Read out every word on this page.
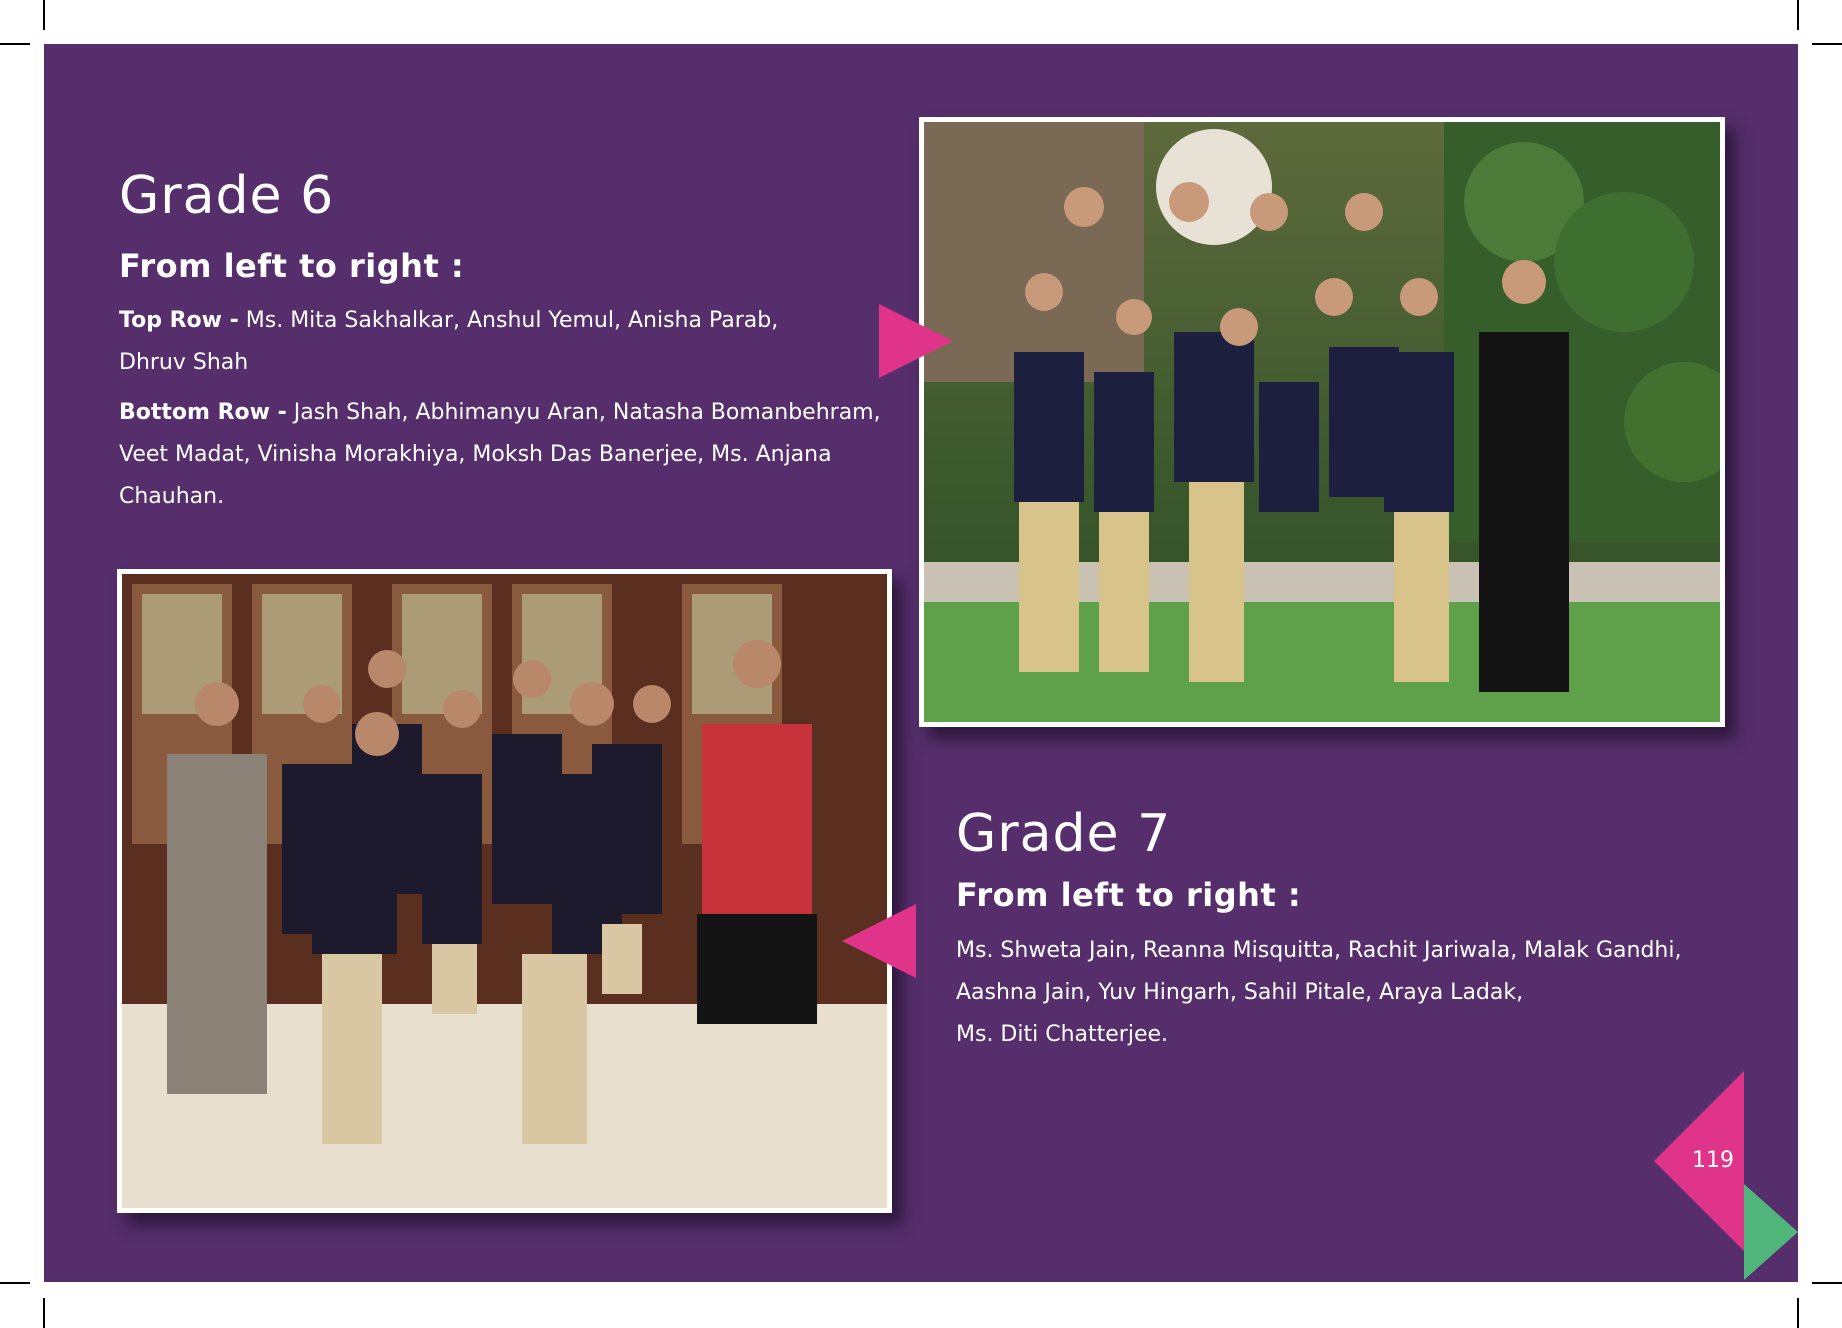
Grade 6
From left to right :
Top Row - Ms. Mita Sakhalkar, Anshul Yemul, Anisha Parab,
Dhruv Shah
Bottom Row - Jash Shah, Abhimanyu Aran, Natasha Bomanbehram,
Veet Madat, Vinisha Morakhiya, Moksh Das Banerjee, Ms. Anjana
Chauhan.
Grade 7
From left to right :
Ms. Shweta Jain, Reanna Misquitta, Rachit Jariwala, Malak Gandhi,
Aashna Jain, Yuv Hingarh, Sahil Pitale, Araya Ladak,
Ms. Diti Chatterjee.
119
